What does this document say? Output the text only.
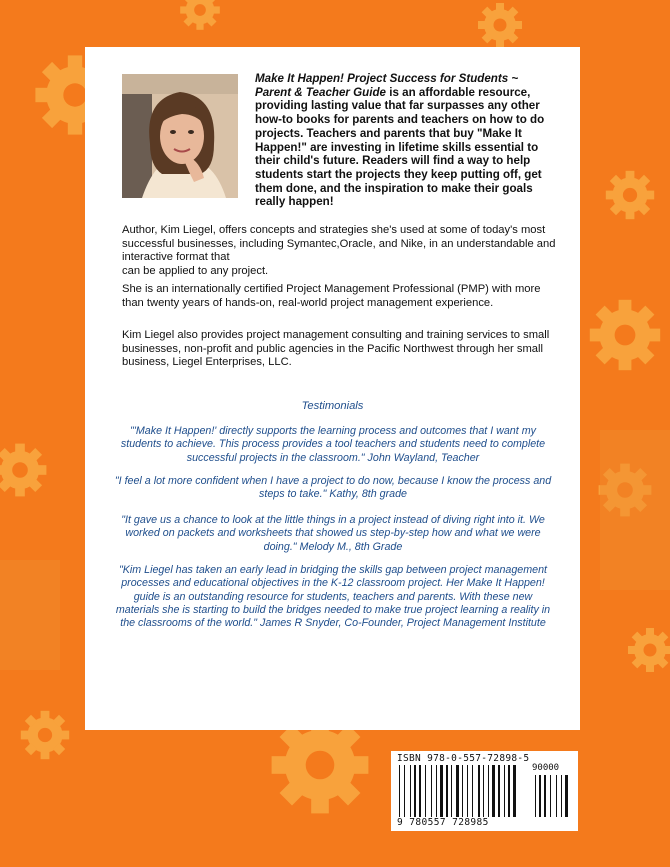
Make It Happen! Project Success for Students ~ Parent & Teacher Guide is an affordable resource, providing lasting value that far surpasses any other how-to books for parents and teachers on how to do projects. Teachers and parents that buy "Make It Happen!" are investing in lifetime skills essential to their child's future. Readers will find a way to help students start the projects they keep putting off, get them done, and the inspiration to make their goals really happen!
Author, Kim Liegel, offers concepts and strategies she's used at some of today's most successful businesses, including Symantec,Oracle, and Nike, in an understandable and interactive format that
can be applied to any project.
She is an internationally certified Project Management Professional (PMP) with more than twenty years of hands-on, real-world project management experience.
Kim Liegel also provides project management consulting and training services to small businesses, non-profit and public agencies in the Pacific Northwest through her small business, Liegel Enterprises, LLC.
Testimonials
"'Make It Happen!' directly supports the learning process and outcomes that I want my students to achieve. This process provides a tool teachers and students need to complete successful projects in the classroom." John Wayland, Teacher
"I feel a lot more confident when I have a project to do now, because I know the process and steps to take." Kathy, 8th grade
"It gave us a chance to look at the little things in a project instead of diving right into it. We worked on packets and worksheets that showed us step-by-step how and what we were doing." Melody M., 8th Grade
"Kim Liegel has taken an early lead in bridging the skills gap between project management processes and educational objectives in the K-12 classroom project. Her Make It Happen! guide is an outstanding resource for students, teachers and parents. With these new materials she is starting to build the bridges needed to make true project learning a reality in the classrooms of the world." James R Snyder, Co-Founder, Project Management Institute
ISBN 978-0-557-72898-5
90000
9 780557 728985
